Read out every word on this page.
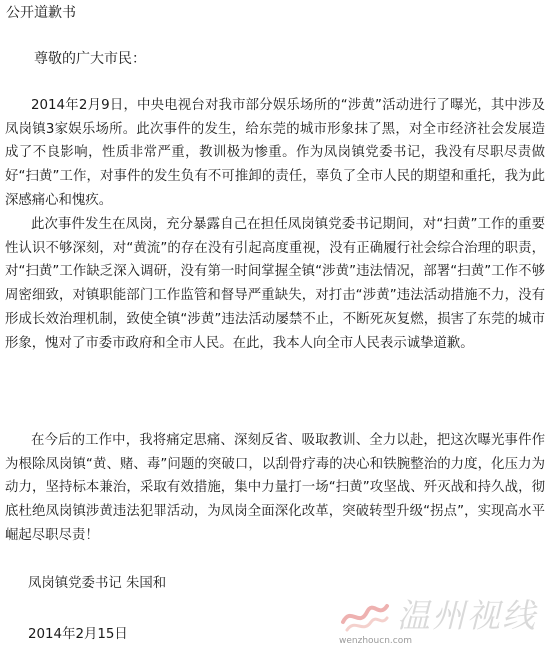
公开道歉书
尊敬的广大市民：

2014年2月9日，中央电视台对我市部分娱乐场所的“涉黄”活动进行了曝光，其中涉及凤岗镇3家娱乐场所。此次事件的发生，给东莞的城市形象抹了黑，对全市经济社会发展造成了不良影响，性质非常严重，教训极为惨重。作为凤岗镇党委书记，我没有尽职尽责做好“扫黄”工作，对事件的发生负有不可推卸的责任，辜负了全市人民的期望和重托，我为此深感痛心和愧疚。

此次事件发生在凤岗，充分暴露自己在担任凤岗镇党委书记期间，对“扫黄”工作的重要性认识不够深刻，对“黄流”的存在没有引起高度重视，没有正确履行社会综合治理的职责，对“扫黄”工作缺乏深入调研，没有第一时间掌握全镇“涉黄”违法情况，部署“扫黄”工作不够周密细致，对镇职能部门工作监管和督导严重缺失，对打击“涉黄”违法活动措施不力，没有形成长效治理机制，致使全镇“涉黄”违法活动屡禁不止，不断死灰复燃，损害了东莞的城市形象，愧对了市委市政府和全市人民。在此，我本人向全市人民表示诚挚道歉。

在今后的工作中，我将痛定思痛、深刻反省、吸取教训、全力以赴，把这次曝光事件作为根除凤岗镇“黄、赌、毒”问题的突破口，以刮骨疗毒的决心和铁腕整治的力度，化压力为动力，坚持标本兼治，采取有效措施，集中力量打一场“扫黄”攻坚战、歼灭战和持久战，彻底杜绝凤岗镇涉黄违法犯罪活动，为凤岗全面深化改革，突破转型升级“拐点”，实现高水平崛起尽职尽责！

凤岗镇党委书记 朱国和
2014年2月15日	wenzhoucn.com
温州视线
